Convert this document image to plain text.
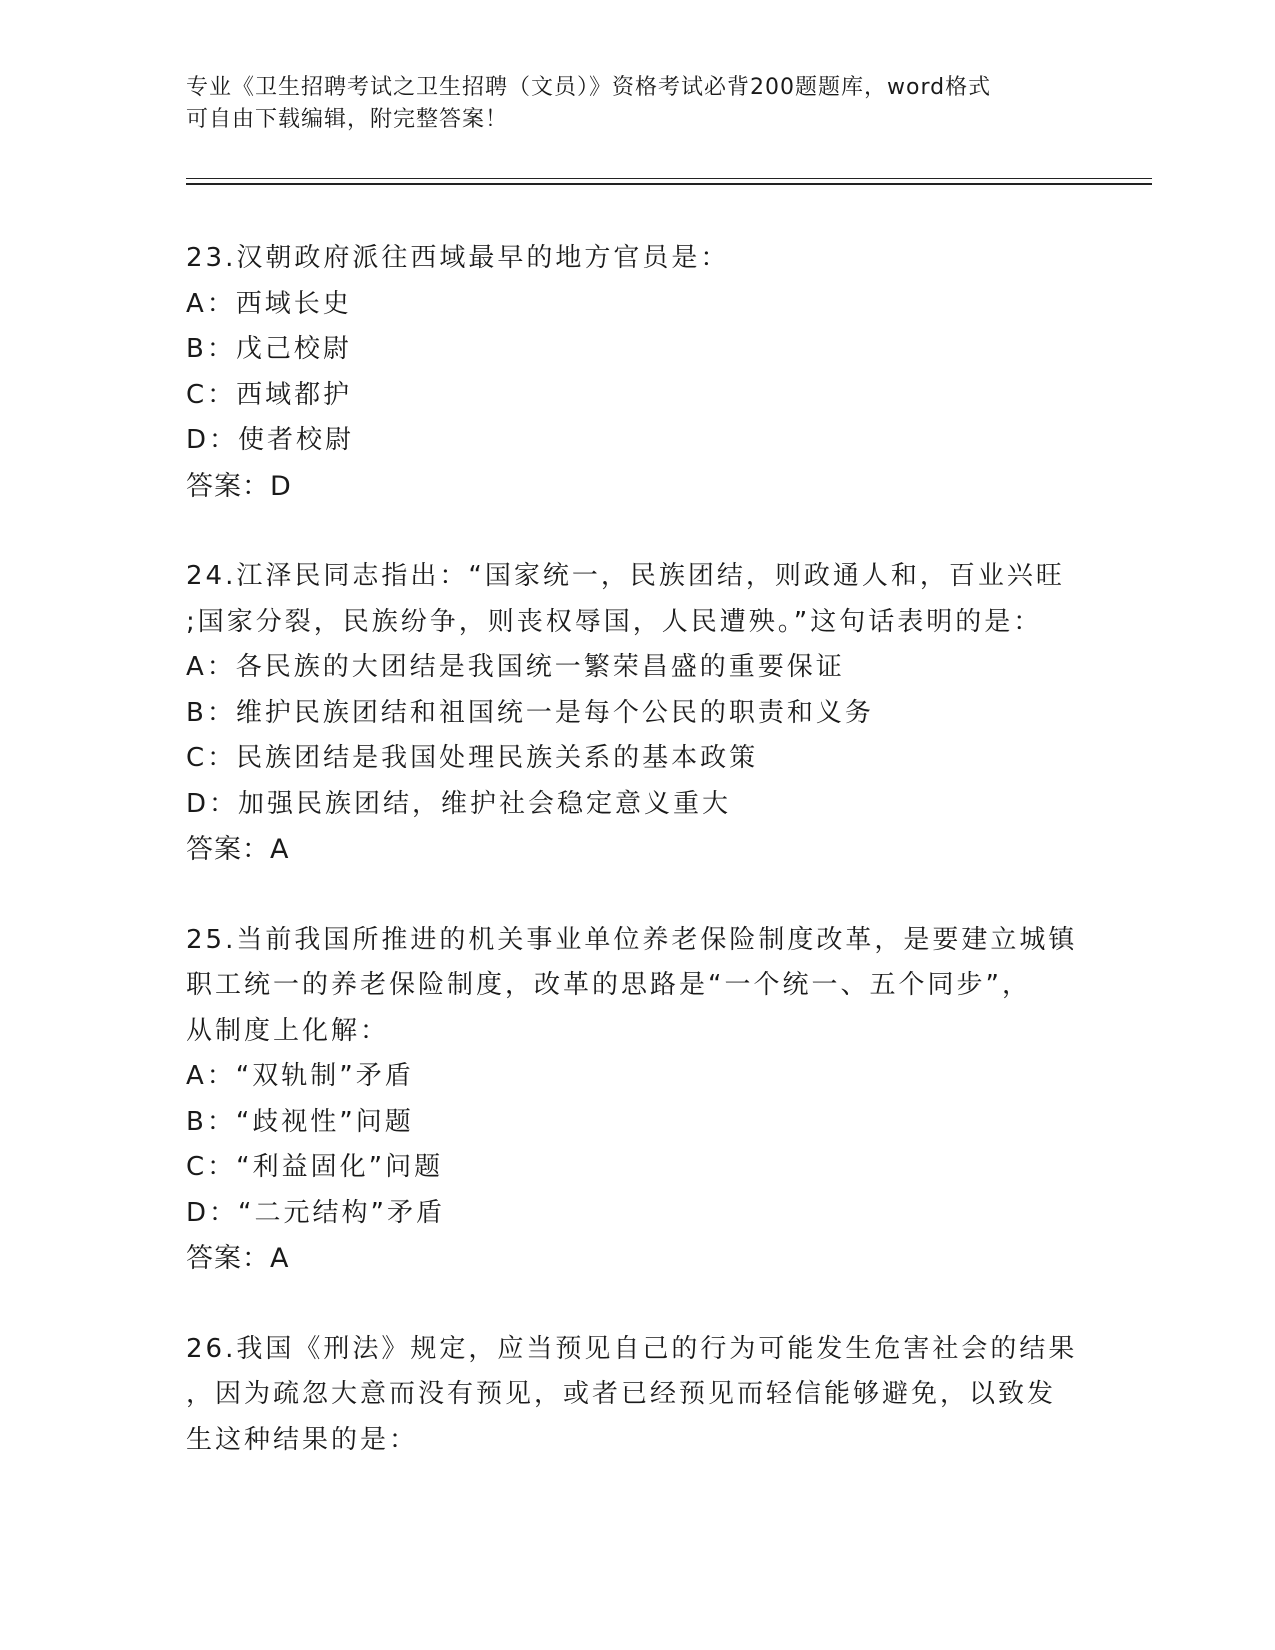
专业《卫生招聘考试之卫生招聘（文员）》资格考试必背200题题库，word格式
可自由下载编辑，附完整答案！
23.汉朝政府派往西域最早的地方官员是：
A：西域长史
B：戊己校尉
C：西域都护
D：使者校尉
答案：D
24.江泽民同志指出：“国家统一，民族团结，则政通人和，百业兴旺
;国家分裂，民族纷争，则丧权辱国，人民遭殃。”这句话表明的是：
A：各民族的大团结是我国统一繁荣昌盛的重要保证
B：维护民族团结和祖国统一是每个公民的职责和义务
C：民族团结是我国处理民族关系的基本政策
D：加强民族团结，维护社会稳定意义重大
答案：A
25.当前我国所推进的机关事业单位养老保险制度改革，是要建立城镇
职工统一的养老保险制度，改革的思路是“一个统一、五个同步”，
从制度上化解：
A：“双轨制”矛盾
B：“歧视性”问题
C：“利益固化”问题
D：“二元结构”矛盾
答案：A
26.我国《刑法》规定，应当预见自己的行为可能发生危害社会的结果
，因为疏忽大意而没有预见，或者已经预见而轻信能够避免，以致发
生这种结果的是：
